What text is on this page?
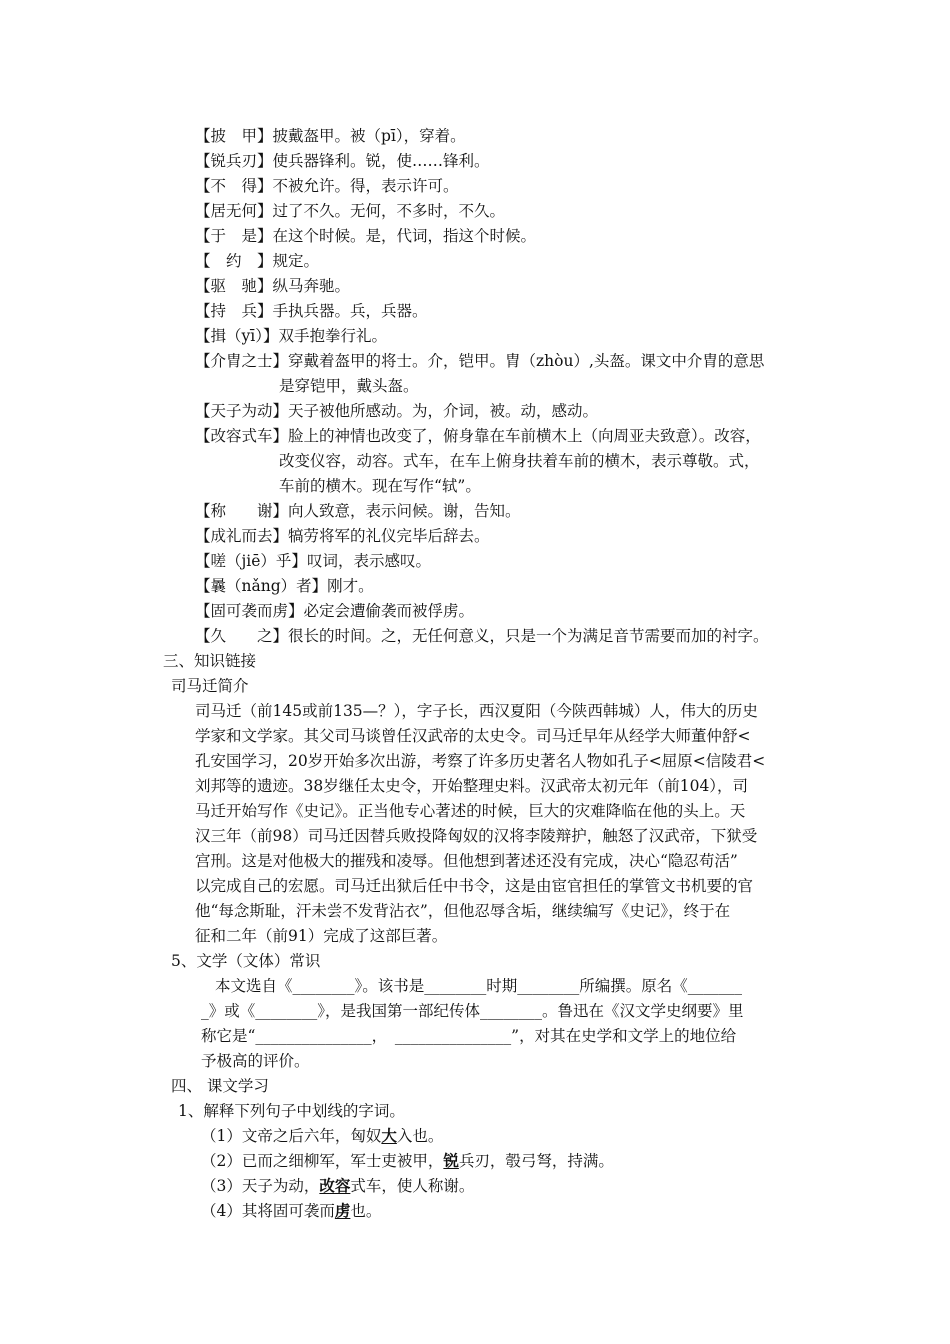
【披　甲】披戴盔甲。被（pī），穿着。
【锐兵刃】使兵器锋利。锐，使……锋利。
【不　得】不被允许。得，表示许可。
【居无何】过了不久。无何，不多时，不久。
【于　是】在这个时候。是，代词，指这个时候。
【　约　】规定。
【驱　驰】纵马奔驰。
【持　兵】手执兵器。兵，兵器。
【揖（yī）】双手抱拳行礼。
【介胄之士】穿戴着盔甲的将士。介，铠甲。胄（zhòu）,头盔。课文中介胄的意思
是穿铠甲，戴头盔。
【天子为动】天子被他所感动。为，介词，被。动，感动。
【改容式车】脸上的神情也改变了，俯身靠在车前横木上（向周亚夫致意）。改容，
改变仪容，动容。式车，在车上俯身扶着车前的横木，表示尊敬。式，
车前的横木。现在写作“轼”。
【称　　谢】向人致意，表示问候。谢，告知。
【成礼而去】犒劳将军的礼仪完毕后辞去。
【嗟（jiē）乎】叹词，表示感叹。
【曩（nǎng）者】刚才。
【固可袭而虏】必定会遭偷袭而被俘虏。
【久　　之】很长的时间。之，无任何意义，只是一个为满足音节需要而加的衬字。
三、知识链接
司马迁简介
司马迁（前145或前135—？），字子长，西汉夏阳（今陕西韩城）人，伟大的历史
学家和文学家。其父司马谈曾任汉武帝的太史令。司马迁早年从经学大师董仲舒<
孔安国学习，20岁开始多次出游，考察了许多历史著名人物如孔子<屈原<信陵君<
刘邦等的遗迹。38岁继任太史令，开始整理史料。汉武帝太初元年（前104），司
马迁开始写作《史记》。正当他专心著述的时候，巨大的灾难降临在他的头上。天
汉三年（前98）司马迁因替兵败投降匈奴的汉将李陵辩护，触怒了汉武帝，下狱受
宫刑。这是对他极大的摧残和凌辱。但他想到著述还没有完成，决心“隐忍苟活”
以完成自己的宏愿。司马迁出狱后任中书令，这是由宦官担任的掌管文书机要的官
他“每念斯耻，汗未尝不发背沾衣”，但他忍辱含垢，继续编写《史记》，终于在
征和二年（前91）完成了这部巨著。
5、文学（文体）常识
本文选自《________》。该书是________时期________所编撰。原名《_______
_》或《________》，是我国第一部纪传体________。鲁迅在《汉文学史纲要》里
称它是“_______________，　_______________”，对其在史学和文学上的地位给
予极高的评价。
四、 课文学习
1、解释下列句子中划线的字词。
（1）文帝之后六年，匈奴大入也。
（2）已而之细柳军，军士吏被甲，锐兵刃，彀弓弩，持满。
（3）天子为动，改容式车，使人称谢。
（4）其将固可袭而虏也。
